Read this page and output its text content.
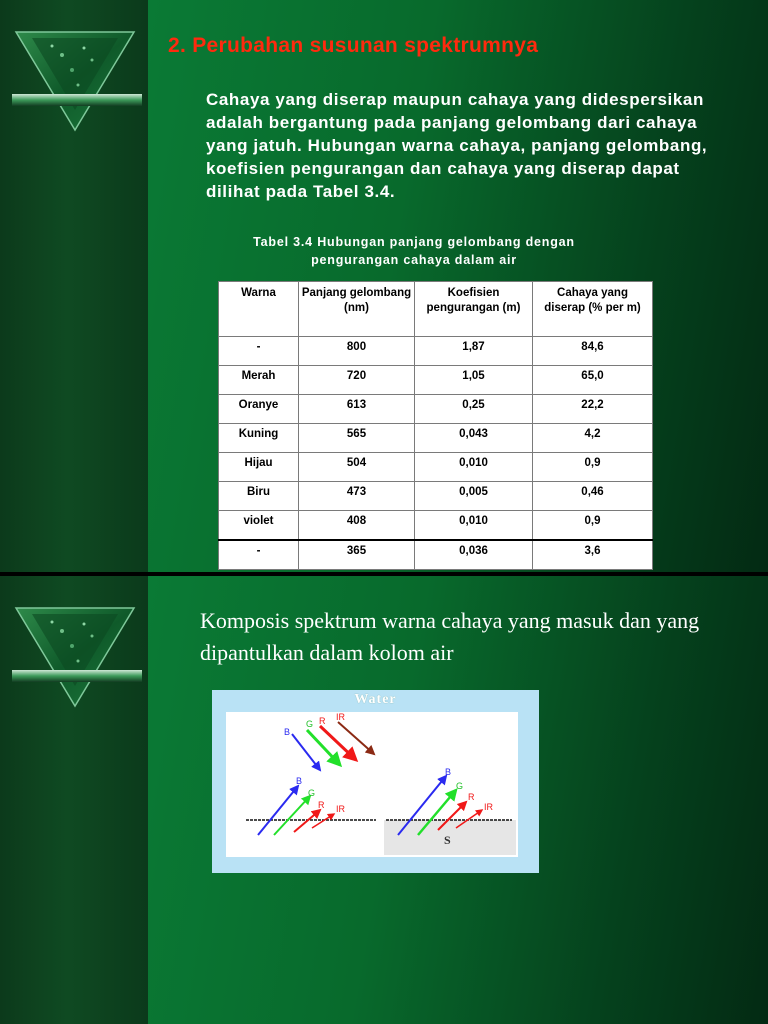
2. Perubahan susunan spektrumnya

Cahaya yang diserap maupun cahaya yang didespersikan adalah bergantung pada panjang gelombang dari cahaya yang jatuh. Hubungan warna cahaya, panjang gelombang, koefisien pengurangan dan cahaya yang diserap dapat dilihat pada Tabel 3.4.

Tabel 3.4 Hubungan panjang gelombang dengan
pengurangan cahaya dalam air

Warna	Panjang gelombang (nm)	Koefisien pengurangan (m)	Cahaya yang diserap (% per m)
-	800	1,87	84,6
Merah	720	1,05	65,0
Oranye	613	0,25	22,2
Kuning	565	0,043	4,2
Hijau	504	0,010	0,9
Biru	473	0,005	0,46
violet	408	0,010	0,9
-	365	0,036	3,6

Komposis spektrum warna cahaya yang masuk dan yang dipantulkan dalam kolom air

B
G R IR
B
G
R IR
B
G
R
IR
S
Water
